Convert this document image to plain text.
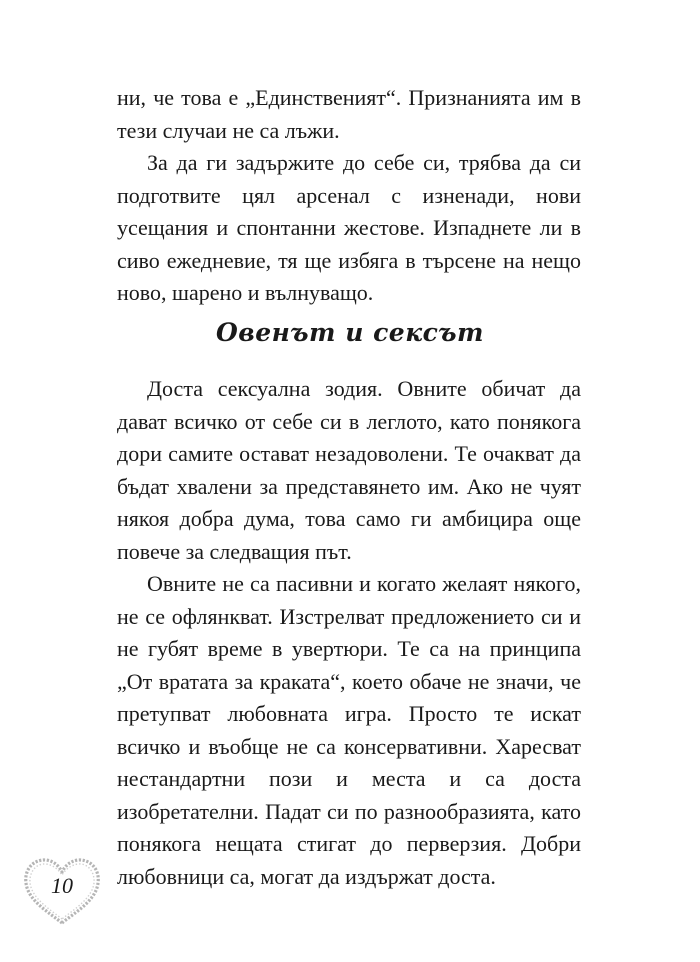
ни, че това е „Единственият“. Признанията им в тези случаи не са лъжи.

За да ги задържите до себе си, трябва да си подготвите цял арсенал с изненади, нови усещания и спонтанни жестове. Изпаднете ли в сиво ежедневие, тя ще избяга в търсене на нещо ново, шарено и вълнуващо.

Овенът и сексът

Доста сексуална зодия. Овните обичат да дават всичко от себе си в леглото, като понякога дори самите остават незадоволени. Те очакват да бъдат хвалени за представянето им. Ако не чуят някоя добра дума, това само ги амбицира още повече за следващия път.

Овните не са пасивни и когато желаят някого, не се офлянкват. Изстрелват предложението си и не губят време в увертюри. Те са на принципа „От вратата за краката“, което обаче не значи, че претупват любовната игра. Просто те искат всичко и въобще не са консервативни. Харесват нестандартни пози и места и са доста изобретателни. Падат си по разнообразията, като понякога нещата стигат до перверзия. Добри любовници са, могат да издържат доста.

10
